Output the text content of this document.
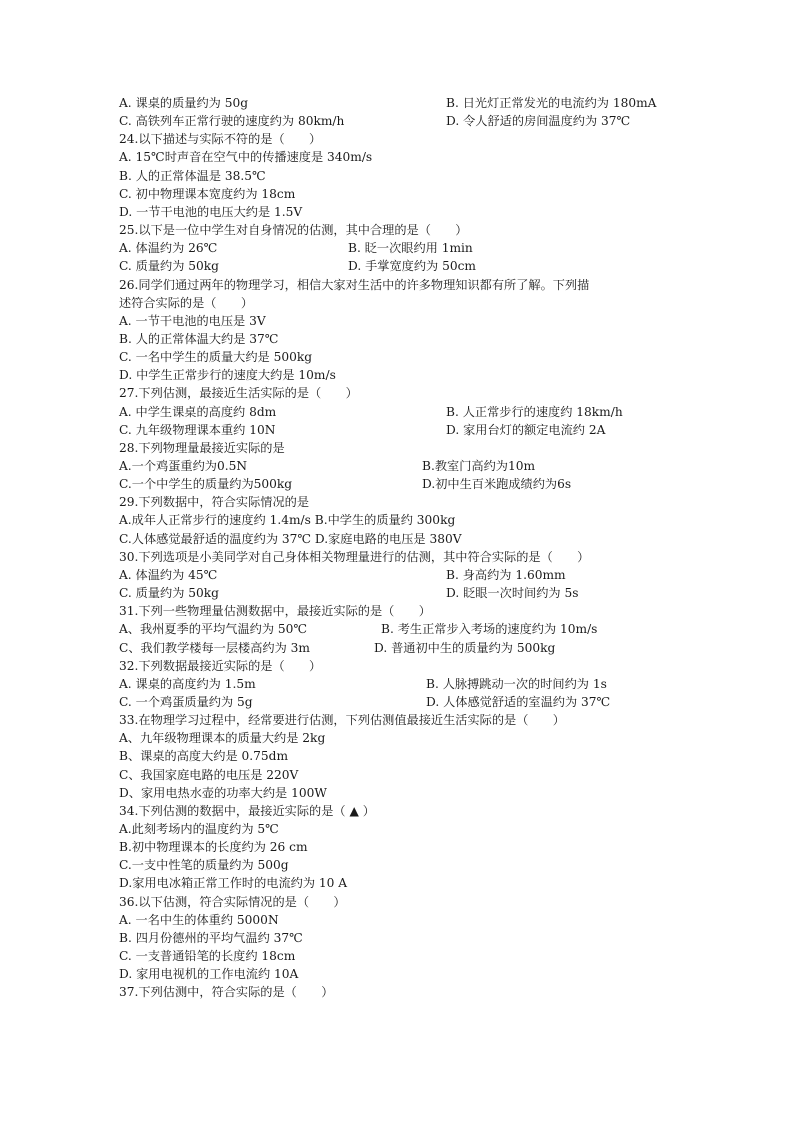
A. 课桌的质量约为 50g	B. 日光灯正常发光的电流约为 180mA
C. 高铁列车正常行驶的速度约为 80km/h	D. 令人舒适的房间温度约为 37℃
24.以下描述与实际不符的是（　　）
A. 15℃时声音在空气中的传播速度是 340m/s
B. 人的正常体温是 38.5℃
C. 初中物理课本宽度约为 18cm
D. 一节干电池的电压大约是 1.5V
25.以下是一位中学生对自身情况的估测，其中合理的是（　　）
A. 体温约为 26℃	B. 眨一次眼约用 1min
C. 质量约为 50kg	D. 手掌宽度约为 50cm
26.同学们通过两年的物理学习，相信大家对生活中的许多物理知识都有所了解。下列描
述符合实际的是（　　）
A. 一节干电池的电压是 3V
B. 人的正常体温大约是 37℃
C. 一名中学生的质量大约是 500kg
D. 中学生正常步行的速度大约是 10m/s
27.下列估测，最接近生活实际的是（　　）
A. 中学生课桌的高度约 8dm	B. 人正常步行的速度约 18km/h
C. 九年级物理课本重约 10N	D. 家用台灯的额定电流约 2A
28.下列物理量最接近实际的是
A.一个鸡蛋重约为0.5N	B.教室门高约为10m
C.一个中学生的质量约为500kg	D.初中生百米跑成绩约为6s
29.下列数据中，符合实际情况的是
A.成年人正常步行的速度约 1.4m/s B.中学生的质量约 300kg
C.人体感觉最舒适的温度约为 37℃ D.家庭电路的电压是 380V
30.下列选项是小美同学对自己身体相关物理量进行的估测，其中符合实际的是（　　）
A. 体温约为 45℃	B. 身高约为 1.60mm
C. 质量约为 50kg	D. 眨眼一次时间约为 5s
31.下列一些物理量估测数据中，最接近实际的是（　　）
A、我州夏季的平均气温约为 50℃	B. 考生正常步入考场的速度约为 10m/s
C、我们教学楼每一层楼高约为 3m	D. 普通初中生的质量约为 500kg
32.下列数据最接近实际的是（　　）
A. 课桌的高度约为 1.5m	B. 人脉搏跳动一次的时间约为 1s
C. 一个鸡蛋质量约为 5g	D. 人体感觉舒适的室温约为 37℃
33.在物理学习过程中，经常要进行估测，下列估测值最接近生活实际的是（　　）
A、九年级物理课本的质量大约是 2kg
B、课桌的高度大约是 0.75dm
C、我国家庭电路的电压是 220V
D、家用电热水壶的功率大约是 100W
34.下列估测的数据中，最接近实际的是（ ▲ ）
A.此刻考场内的温度约为 5℃
B.初中物理课本的长度约为 26 cm
C.一支中性笔的质量约为 500g
D.家用电冰箱正常工作时的电流约为 10 A
36.以下估测，符合实际情况的是（　　）
A. 一名中生的体重约 5000N
B. 四月份德州的平均气温约 37℃
C. 一支普通铅笔的长度约 18cm
D. 家用电视机的工作电流约 10A
37.下列估测中，符合实际的是（　　）
